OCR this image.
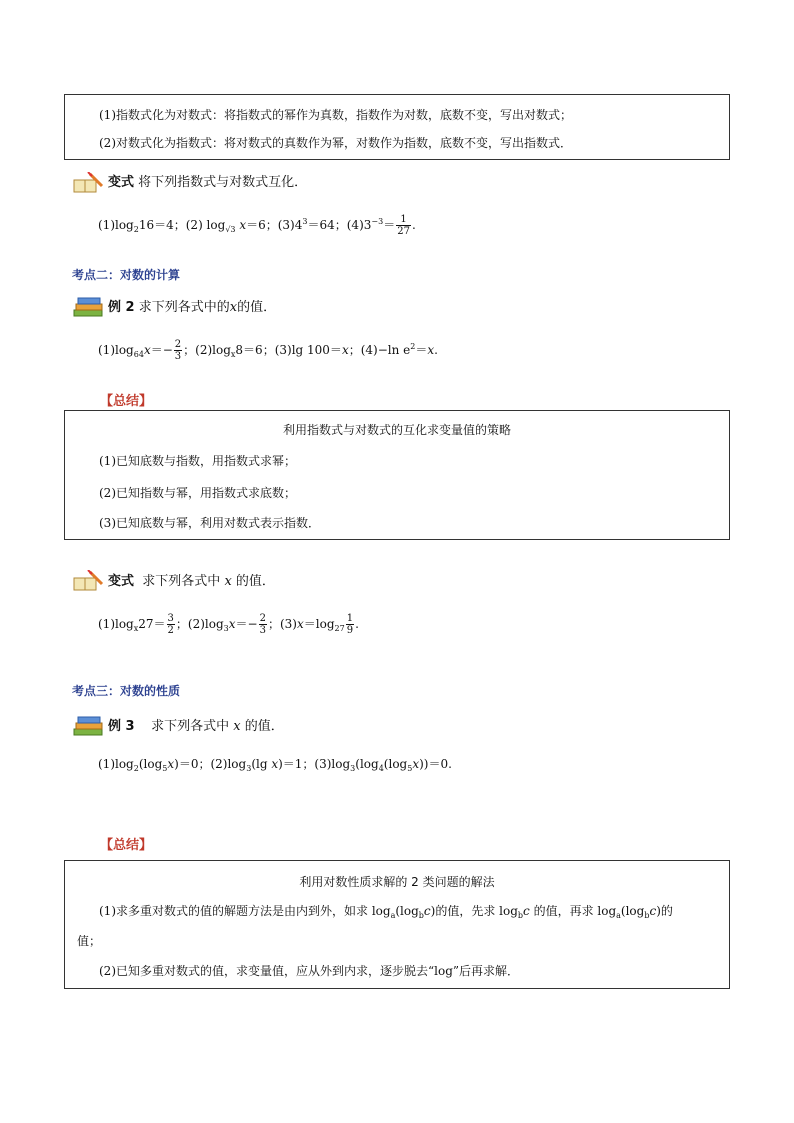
(1)指数式化为对数式：将指数式的幂作为真数，指数作为对数，底数不变，写出对数式；
(2)对数式化为指数式：将对数式的真数作为幂，对数作为指数，底数不变，写出指数式．
变式 将下列指数式与对数式互化．
$(1)\log_216=4$；(2) $\log_{√3} x=6$；$(3)4^3=64$；$(4)3^{-3}= \frac{1}{27}$ .
考点二：对数的计算
例 2 求下列各式中的x的值．
$(1)\log_{64}x=- \frac{2}{3}$ ；$(2)\log_x8=6$；(3)lg 100＝x；(4)−ln $e^2=x$.
【总结】
利用指数式与对数式的互化求变量值的策略
(1)已知底数与指数，用指数式求幂；
(2)已知指数与幂，用指数式求底数；
(3)已知底数与幂，利用对数式表示指数．
变式 求下列各式中 x 的值．
$(1)\log_x27= \frac{3}{2}$ ；$(2)\log_3x=- \frac{2}{3}$ ；$(3)x=\log_{27} \frac{1}{9}$ .
考点三：对数的性质
例 3 求下列各式中 x 的值．
$(1)\log_2(\log_5x)=0$；$(2)\log_3(\lg$ x)＝1；$(3)\log_3(\log_4(\log_5x))=0$.
【总结】
利用对数性质求解的 2 类问题的解法
(1)求多重对数式的值的解题方法是由内到外，如求 $\log_a(\log_bc)$的值，先求 $\log_bc$ 的值，再求 $\log_a(\log_bc)$的
值；
(2)已知多重对数式的值，求变量值，应从外到内求，逐步脱去“log”后再求解．
